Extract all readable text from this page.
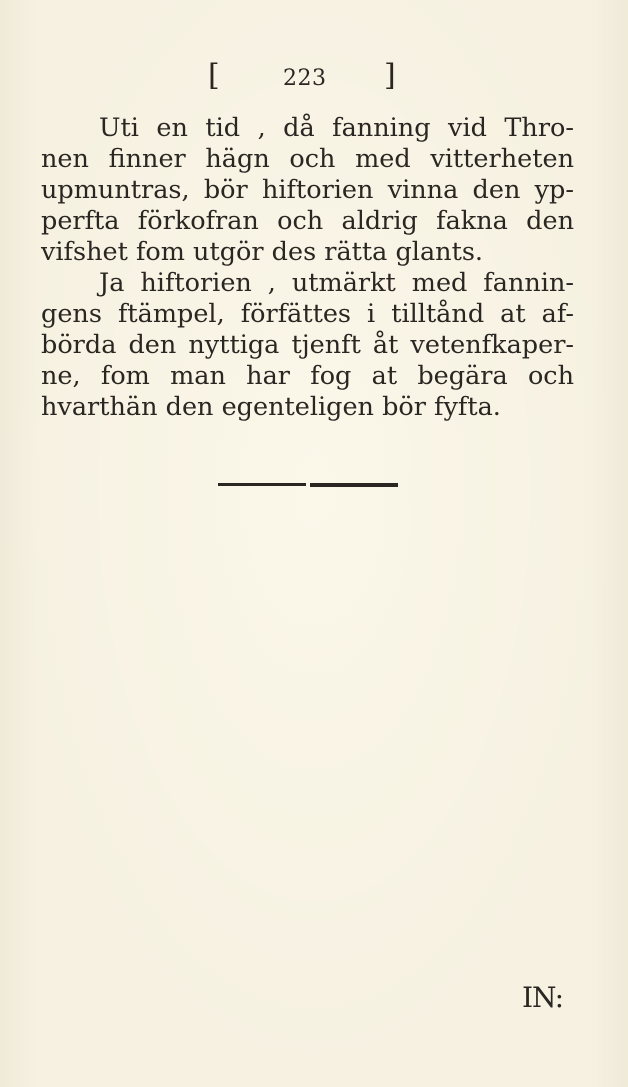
[	223 ]
Uti en tid , då fanning vid Thro-
nen finner hägn och med vitterheten
upmuntras, bör hiftorien vinna den yp-
perfta förkofran och aldrig fakna den
vifshet fom utgör des rätta glants.
Ja hiftorien , utmärkt med fannin-
gens ftämpel, förfättes i tilltånd at af-
börda den nyttiga tjenft åt vetenfkaper-
ne, fom man har fog at begära och
hvarthän den egenteligen bör fyfta.
IN:
